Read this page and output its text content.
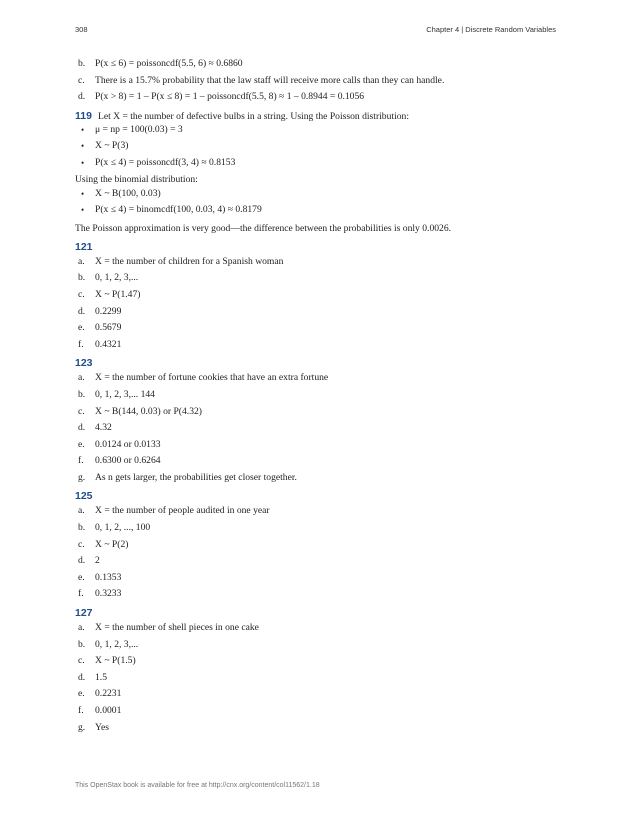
308	Chapter 4 | Discrete Random Variables
b.	P(x ≤ 6) = poissoncdf(5.5, 6) ≈ 0.6860
c.	There is a 15.7% probability that the law staff will receive more calls than they can handle.
d.	P(x > 8) = 1 – P(x ≤ 8) = 1 – poissoncdf(5.5, 8) ≈ 1 – 0.8944 = 0.1056
119 Let X = the number of defective bulbs in a string. Using the Poisson distribution:
• μ = np = 100(0.03) = 3
• X ~ P(3)
• P(x ≤ 4) = poissoncdf(3, 4) ≈ 0.8153
Using the binomial distribution:
• X ~ B(100, 0.03)
• P(x ≤ 4) = binomcdf(100, 0.03, 4) ≈ 0.8179
The Poisson approximation is very good—the difference between the probabilities is only 0.0026.
121
a.	X = the number of children for a Spanish woman
b.	0, 1, 2, 3,...
c.	X ~ P(1.47)
d.	0.2299
e.	0.5679
f.	0.4321
123
a.	X = the number of fortune cookies that have an extra fortune
b.	0, 1, 2, 3,... 144
c.	X ~ B(144, 0.03) or P(4.32)
d.	4.32
e.	0.0124 or 0.0133
f.	0.6300 or 0.6264
g.	As n gets larger, the probabilities get closer together.
125
a.	X = the number of people audited in one year
b.	0, 1, 2, ..., 100
c.	X ~ P(2)
d.	2
e.	0.1353
f.	0.3233
127
a.	X = the number of shell pieces in one cake
b.	0, 1, 2, 3,...
c.	X ~ P(1.5)
d.	1.5
e.	0.2231
f.	0.0001
g.	Yes
This OpenStax book is available for free at http://cnx.org/content/col11562/1.18
